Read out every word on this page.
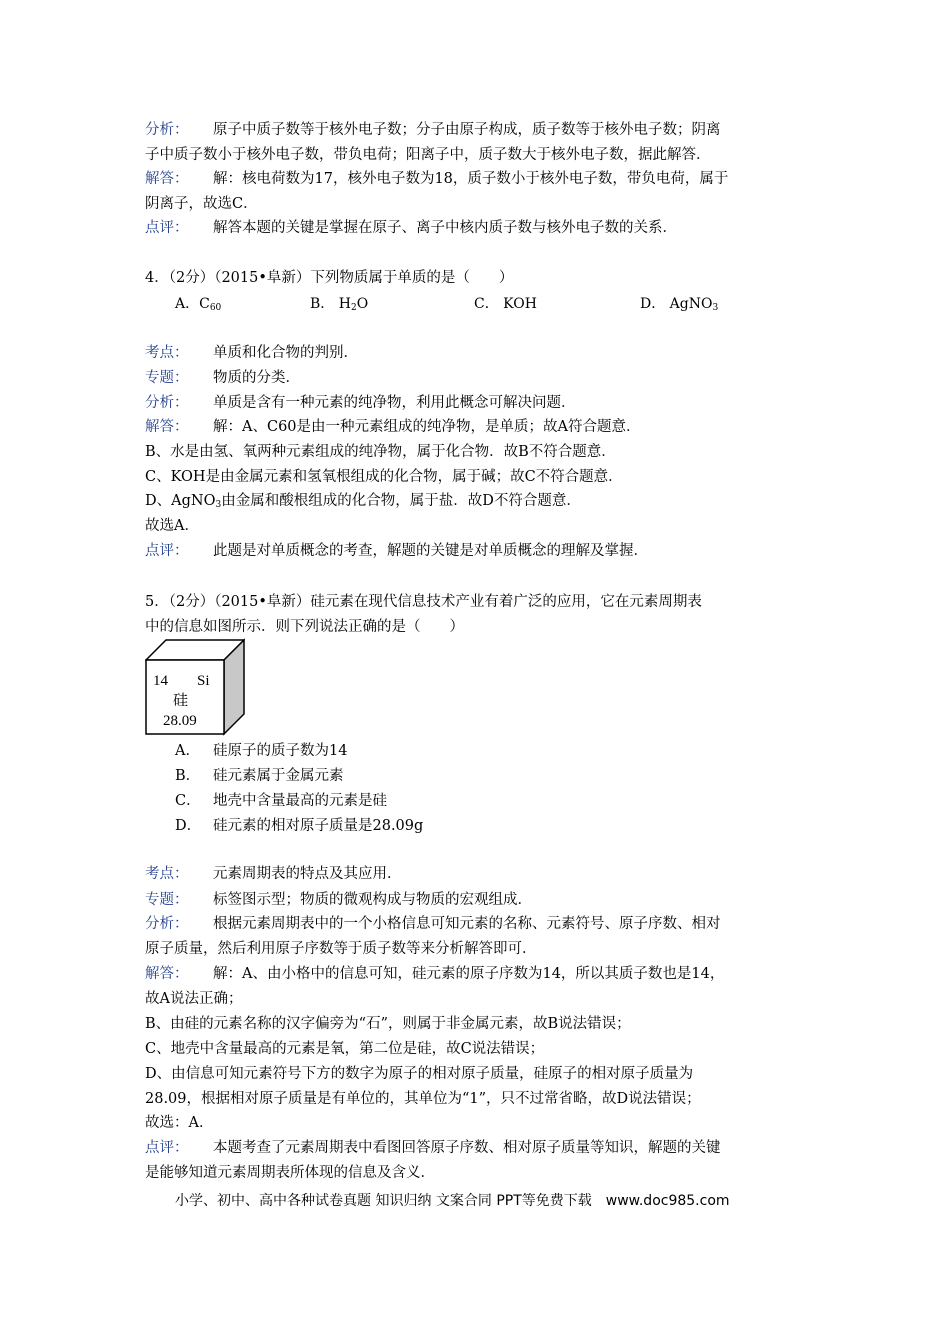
分析： 原子中质子数等于核外电子数；分子由原子构成，质子数等于核外电子数；阴离
子中质子数小于核外电子数，带负电荷；阳离子中，质子数大于核外电子数，据此解答．
解答： 解：核电荷数为17，核外电子数为18，质子数小于核外电子数，带负电荷，属于
阴离子，故选C．
点评： 解答本题的关键是掌握在原子、离子中核内质子数与核外电子数的关系．
4．（2分）（2015•阜新）下列物质属于单质的是（　　）
A．$C_{60}$	B． $H_2O$	C． KOH	D． AgNO$_3$
考点： 单质和化合物的判别．
专题： 物质的分类．
分析： 单质是含有一种元素的纯净物，利用此概念可解决问题．
解答： 解：A、C60是由一种元素组成的纯净物，是单质；故A符合题意．
B、水是由氢、氧两种元素组成的纯净物，属于化合物．故B不符合题意．
C、KOH是由金属元素和氢氧根组成的化合物，属于碱；故C不符合题意．
D、AgNO$_3$由金属和酸根组成的化合物，属于盐．故D不符合题意．
故选A．
点评： 此题是对单质概念的考查，解题的关键是对单质概念的理解及掌握．
5．（2分）（2015•阜新）硅元素在现代信息技术产业有着广泛的应用，它在元素周期表
中的信息如图所示．则下列说法正确的是（　　）
14 Si
硅
28.09
A． 硅原子的质子数为14
B． 硅元素属于金属元素
C． 地壳中含量最高的元素是硅
D． 硅元素的相对原子质量是28.09g
考点： 元素周期表的特点及其应用．
专题： 标签图示型；物质的微观构成与物质的宏观组成．
分析： 根据元素周期表中的一个小格信息可知元素的名称、元素符号、原子序数、相对
原子质量，然后利用原子序数等于质子数等来分析解答即可．
解答： 解：A、由小格中的信息可知，硅元素的原子序数为14，所以其质子数也是14，
故A说法正确；
B、由硅的元素名称的汉字偏旁为“石”，则属于非金属元素，故B说法错误；
C、地壳中含量最高的元素是氧，第二位是硅，故C说法错误；
D、由信息可知元素符号下方的数字为原子的相对原子质量，硅原子的相对原子质量为
28.09，根据相对原子质量是有单位的，其单位为“1”，只不过常省略，故D说法错误；
故选：A．
点评： 本题考查了元素周期表中看图回答原子序数、相对原子质量等知识，解题的关键
是能够知道元素周期表所体现的信息及含义．
小学、初中、高中各种试卷真题 知识归纳 文案合同 PPT等免费下载　www.doc985.com
